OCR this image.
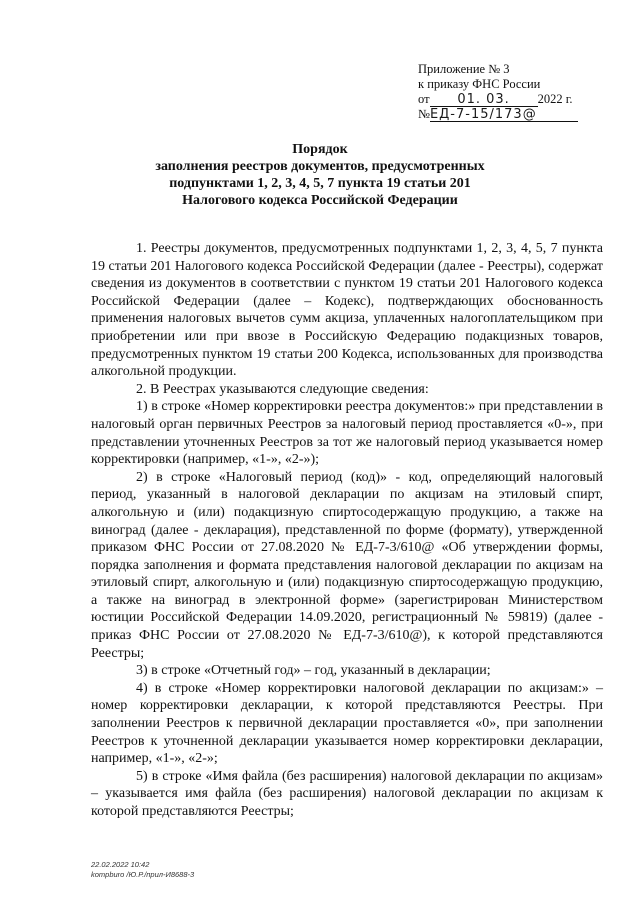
Приложение № 3
к приказу ФНС России
от 01. 03. 2022 г.
№ЕД-7-15/173@
Порядок
заполнения реестров документов, предусмотренных
подпунктами 1, 2, 3, 4, 5, 7 пункта 19 статьи 201
Налогового кодекса Российской Федерации

1. Реестры документов, предусмотренных подпунктами 1, 2, 3, 4, 5, 7 пункта 19 статьи 201 Налогового кодекса Российской Федерации (далее - Реестры), содержат сведения из документов в соответствии с пунктом 19 статьи 201 Налогового кодекса Российской Федерации (далее – Кодекс), подтверждающих обоснованность применения налоговых вычетов сумм акциза, уплаченных налогоплательщиком при приобретении или при ввозе в Российскую Федерацию подакцизных товаров, предусмотренных пунктом 19 статьи 200 Кодекса, использованных для производства алкогольной продукции.

2. В Реестрах указываются следующие сведения:

1) в строке «Номер корректировки реестра документов:» при представлении в налоговый орган первичных Реестров за налоговый период проставляется «0-», при представлении уточненных Реестров за тот же налоговый период указывается номер корректировки (например, «1-», «2-»);

2) в строке «Налоговый период (код)» - код, определяющий налоговый период, указанный в налоговой декларации по акцизам на этиловый спирт, алкогольную и (или) подакцизную спиртосодержащую продукцию, а также на виноград (далее - декларация), представленной по форме (формату), утвержденной приказом ФНС России от 27.08.2020 № ЕД-7-3/610@ «Об утверждении формы, порядка заполнения и формата представления налоговой декларации по акцизам на этиловый спирт, алкогольную и (или) подакцизную спиртосодержащую продукцию, а также на виноград в электронной форме» (зарегистрирован Министерством юстиции Российской Федерации 14.09.2020, регистрационный № 59819) (далее - приказ ФНС России от 27.08.2020 № ЕД-7-3/610@), к которой представляются Реестры;

3) в строке «Отчетный год» – год, указанный в декларации;

4) в строке «Номер корректировки налоговой декларации по акцизам:» – номер корректировки декларации, к которой представляются Реестры. При заполнении Реестров к первичной декларации проставляется «0», при заполнении Реестров к уточненной декларации указывается номер корректировки декларации, например, «1-», «2-»;

5) в строке «Имя файла (без расширения) налоговой декларации по акцизам» – указывается имя файла (без расширения) налоговой декларации по акцизам к которой представляются Реестры;

22.02.2022 10:42
kompburo /Ю.Р./прил-И8688-3
